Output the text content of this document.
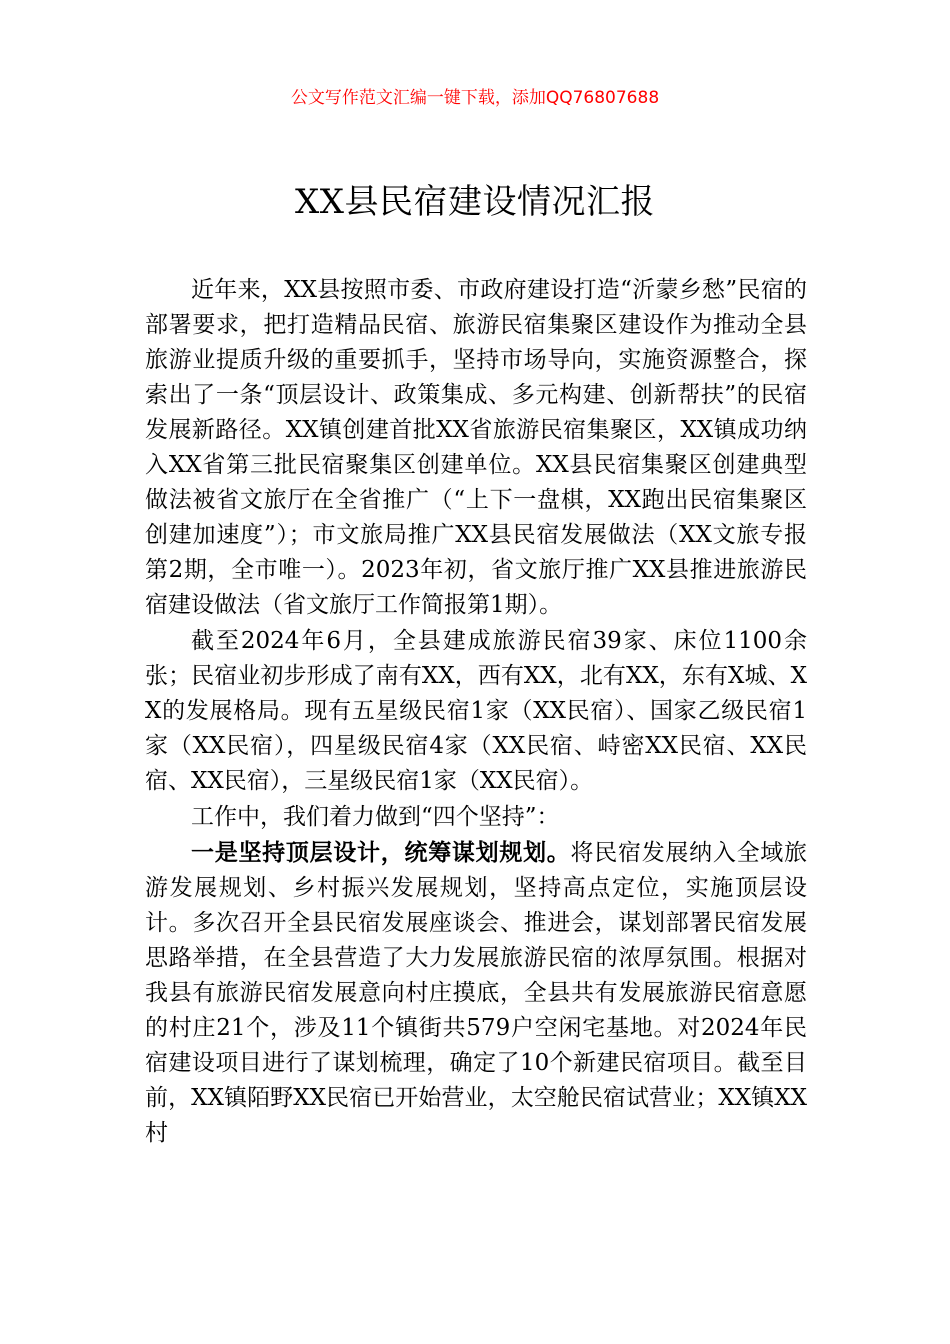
公文写作范文汇编一键下载，添加QQ76807688
XX县民宿建设情况汇报

近年来，XX县按照市委、市政府建设打造“沂蒙乡愁”民宿的部署要求，把打造精品民宿、旅游民宿集聚区建设作为推动全县旅游业提质升级的重要抓手，坚持市场导向，实施资源整合，探索出了一条“顶层设计、政策集成、多元构建、创新帮扶”的民宿发展新路径。XX镇创建首批XX省旅游民宿集聚区，XX镇成功纳入XX省第三批民宿聚集区创建单位。XX县民宿集聚区创建典型做法被省文旅厅在全省推广（“上下一盘棋，XX跑出民宿集聚区创建加速度”）；市文旅局推广XX县民宿发展做法（XX文旅专报第2期，全市唯一）。2023年初，省文旅厅推广XX县推进旅游民宿建设做法（省文旅厅工作简报第1期）。

截至2024年6月，全县建成旅游民宿39家、床位1100余张；民宿业初步形成了南有XX，西有XX，北有XX，东有X城、XX的发展格局。现有五星级民宿1家（XX民宿）、国家乙级民宿1家（XX民宿），四星级民宿4家（XX民宿、峙密XX民宿、XX民宿、XX民宿），三星级民宿1家（XX民宿）。

工作中，我们着力做到“四个坚持”：

一是坚持顶层设计，统筹谋划规划。将民宿发展纳入全域旅游发展规划、乡村振兴发展规划，坚持高点定位，实施顶层设计。多次召开全县民宿发展座谈会、推进会，谋划部署民宿发展思路举措，在全县营造了大力发展旅游民宿的浓厚氛围。根据对我县有旅游民宿发展意向村庄摸底，全县共有发展旅游民宿意愿的村庄21个，涉及11个镇街共579户空闲宅基地。对2024年民宿建设项目进行了谋划梳理，确定了10个新建民宿项目。截至目前，XX镇陌野XX民宿已开始营业，太空舱民宿试营业；XX镇XX村
